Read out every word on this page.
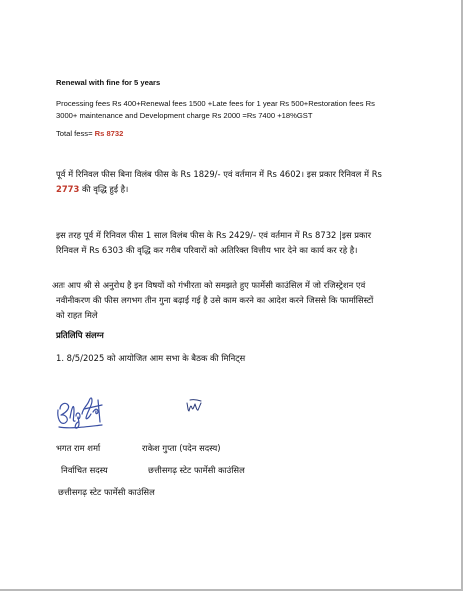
Renewal with fine for 5 years
Processing fees Rs 400+Renewal fees 1500 +Late fees for 1 year Rs 500+Restoration fees Rs
3000+ maintenance and Development charge Rs 2000 =Rs 7400 +18%GST
Total fess= Rs 8732
पूर्व में रिनिवल फीस बिना विलंब फीस के Rs 1829/- एवं वर्तमान में Rs 4602। इस प्रकार रिनिवल में Rs
2773 की वृद्धि हुई है।
इस तरह पूर्व में रिनिवल फीस 1 साल विलंब फीस के Rs 2429/- एवं वर्तमान में Rs 8732 |इस प्रकार
रिनिवल में Rs 6303 की वृद्धि कर गरीब परिवारों को अतिरिक्त वित्तीय भार देने का कार्य कर रहे है।
अतः आप श्री से अनुरोध है इन विषयों को गंभीरता को समझते हुए फार्मेसी काउंसिल में जो रजिस्ट्रेशन एवं
नवीनीकरण की फीस लगभग तीन गुना बढ़ाई गई है उसे काम करने का आदेश करने जिससे कि फार्मासिस्टों
को राहत मिले
प्रतिलिपि संलग्न
1. 8/5/2025 को आयोजित आम सभा के बैठक की मिनिट्स
भगत राम शर्मा	राकेश गुप्ता (पदेन सदस्य)
निर्वाचित सदस्य	छत्तीसगढ़ स्टेट फार्मेसी काउंसिल
छत्तीसगढ़ स्टेट फार्मेसी काउंसिल
